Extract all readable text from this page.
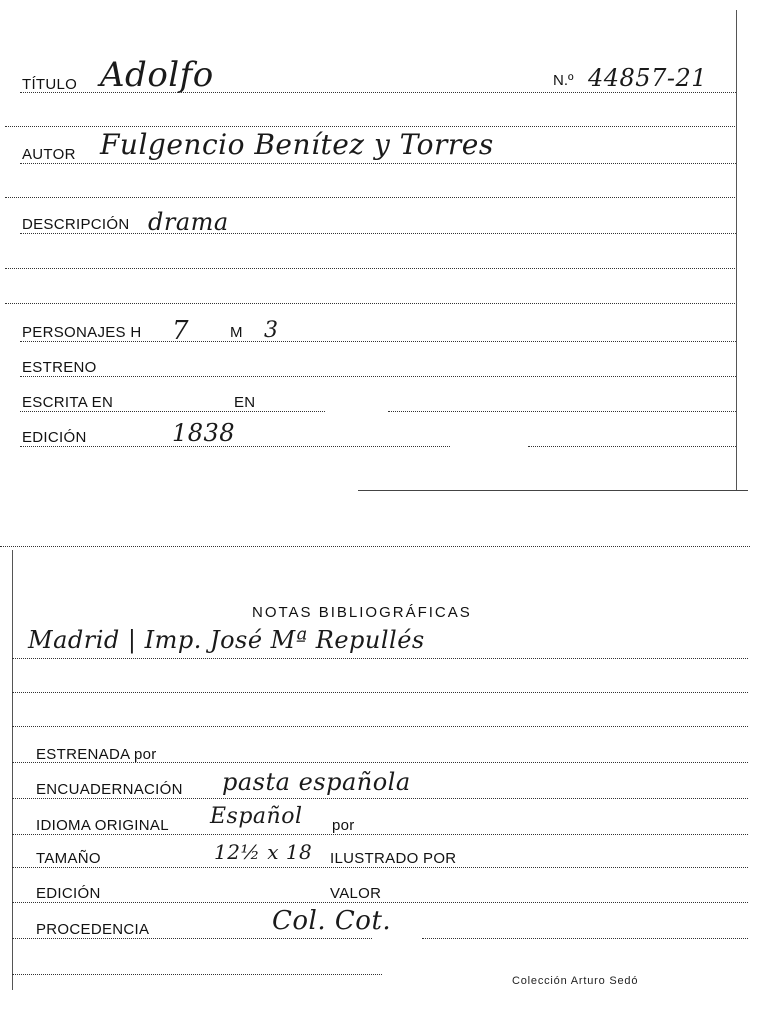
TÍTULO Adolfo	N.º 44857-21
AUTOR Fulgencio Benítez y Torres
DESCRIPCIÓN drama
PERSONAJES H 7	M 3
ESTRENO
ESCRITA EN	EN
EDICIÓN	1838
NOTAS BIBLIOGRÁFICAS
Madrid | Imp. José Mª Repullés
ESTRENADA por
ENCUADERNACIÓN pasta española
IDIOMA ORIGINAL Español por
TAMAÑO	12½ x 18 ILUSTRADO POR
EDICIÓN	VALOR
PROCEDENCIA	Col. Cot.
Colección Arturo Sedó
